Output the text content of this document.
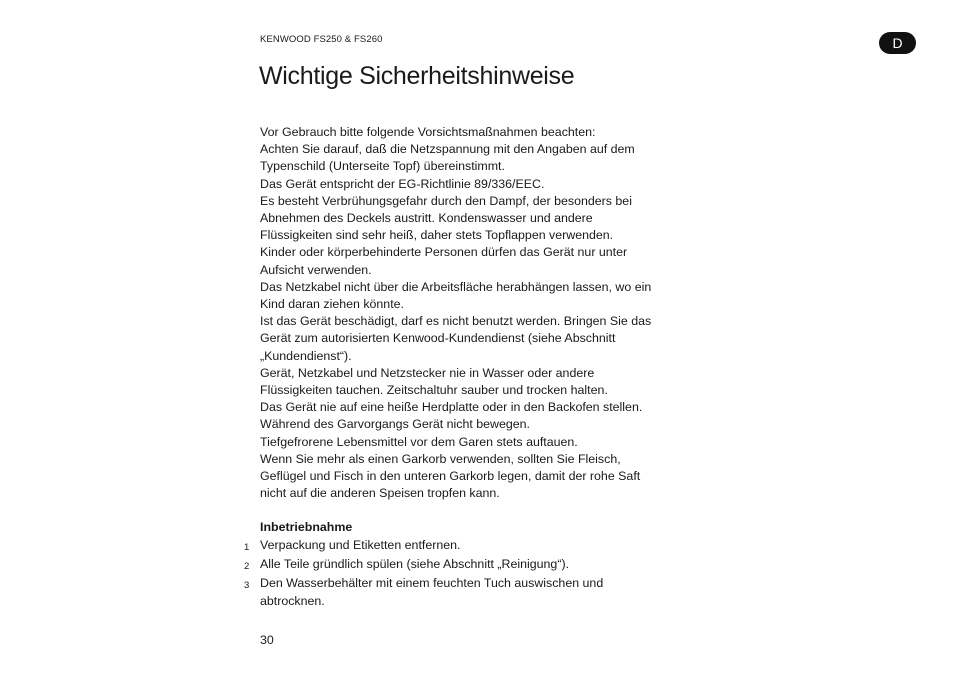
KENWOOD FS250 & FS260	D
Wichtige Sicherheitshinweise

Vor Gebrauch bitte folgende Vorsichtsmaßnahmen beachten:

Achten Sie darauf, daß die Netzspannung mit den Angaben auf dem

Typenschild (Unterseite Topf) übereinstimmt.

Das Gerät entspricht der EG-Richtlinie 89/336/EEC.

Es besteht Verbrühungsgefahr durch den Dampf, der besonders bei

Abnehmen des Deckels austritt. Kondenswasser und andere

Flüssigkeiten sind sehr heiß, daher stets Topflappen verwenden.

Kinder oder körperbehinderte Personen dürfen das Gerät nur unter

Aufsicht verwenden.

Das Netzkabel nicht über die Arbeitsfläche herabhängen lassen, wo ein

Kind daran ziehen könnte.

Ist das Gerät beschädigt, darf es nicht benutzt werden. Bringen Sie das

Gerät zum autorisierten Kenwood-Kundendienst (siehe Abschnitt

„Kundendienst“).

Gerät, Netzkabel und Netzstecker nie in Wasser oder andere

Flüssigkeiten tauchen. Zeitschaltuhr sauber und trocken halten.

Das Gerät nie auf eine heiße Herdplatte oder in den Backofen stellen.

Während des Garvorgangs Gerät nicht bewegen.

Tiefgefrorene Lebensmittel vor dem Garen stets auftauen.

Wenn Sie mehr als einen Garkorb verwenden, sollten Sie Fleisch,

Geflügel und Fisch in den unteren Garkorb legen, damit der rohe Saft

nicht auf die anderen Speisen tropfen kann.

Inbetriebnahme
1 Verpackung und Etiketten entfernen.
2 Alle Teile gründlich spülen (siehe Abschnitt „Reinigung“).
3 Den Wasserbehälter mit einem feuchten Tuch auswischen und abtrocknen.
30
